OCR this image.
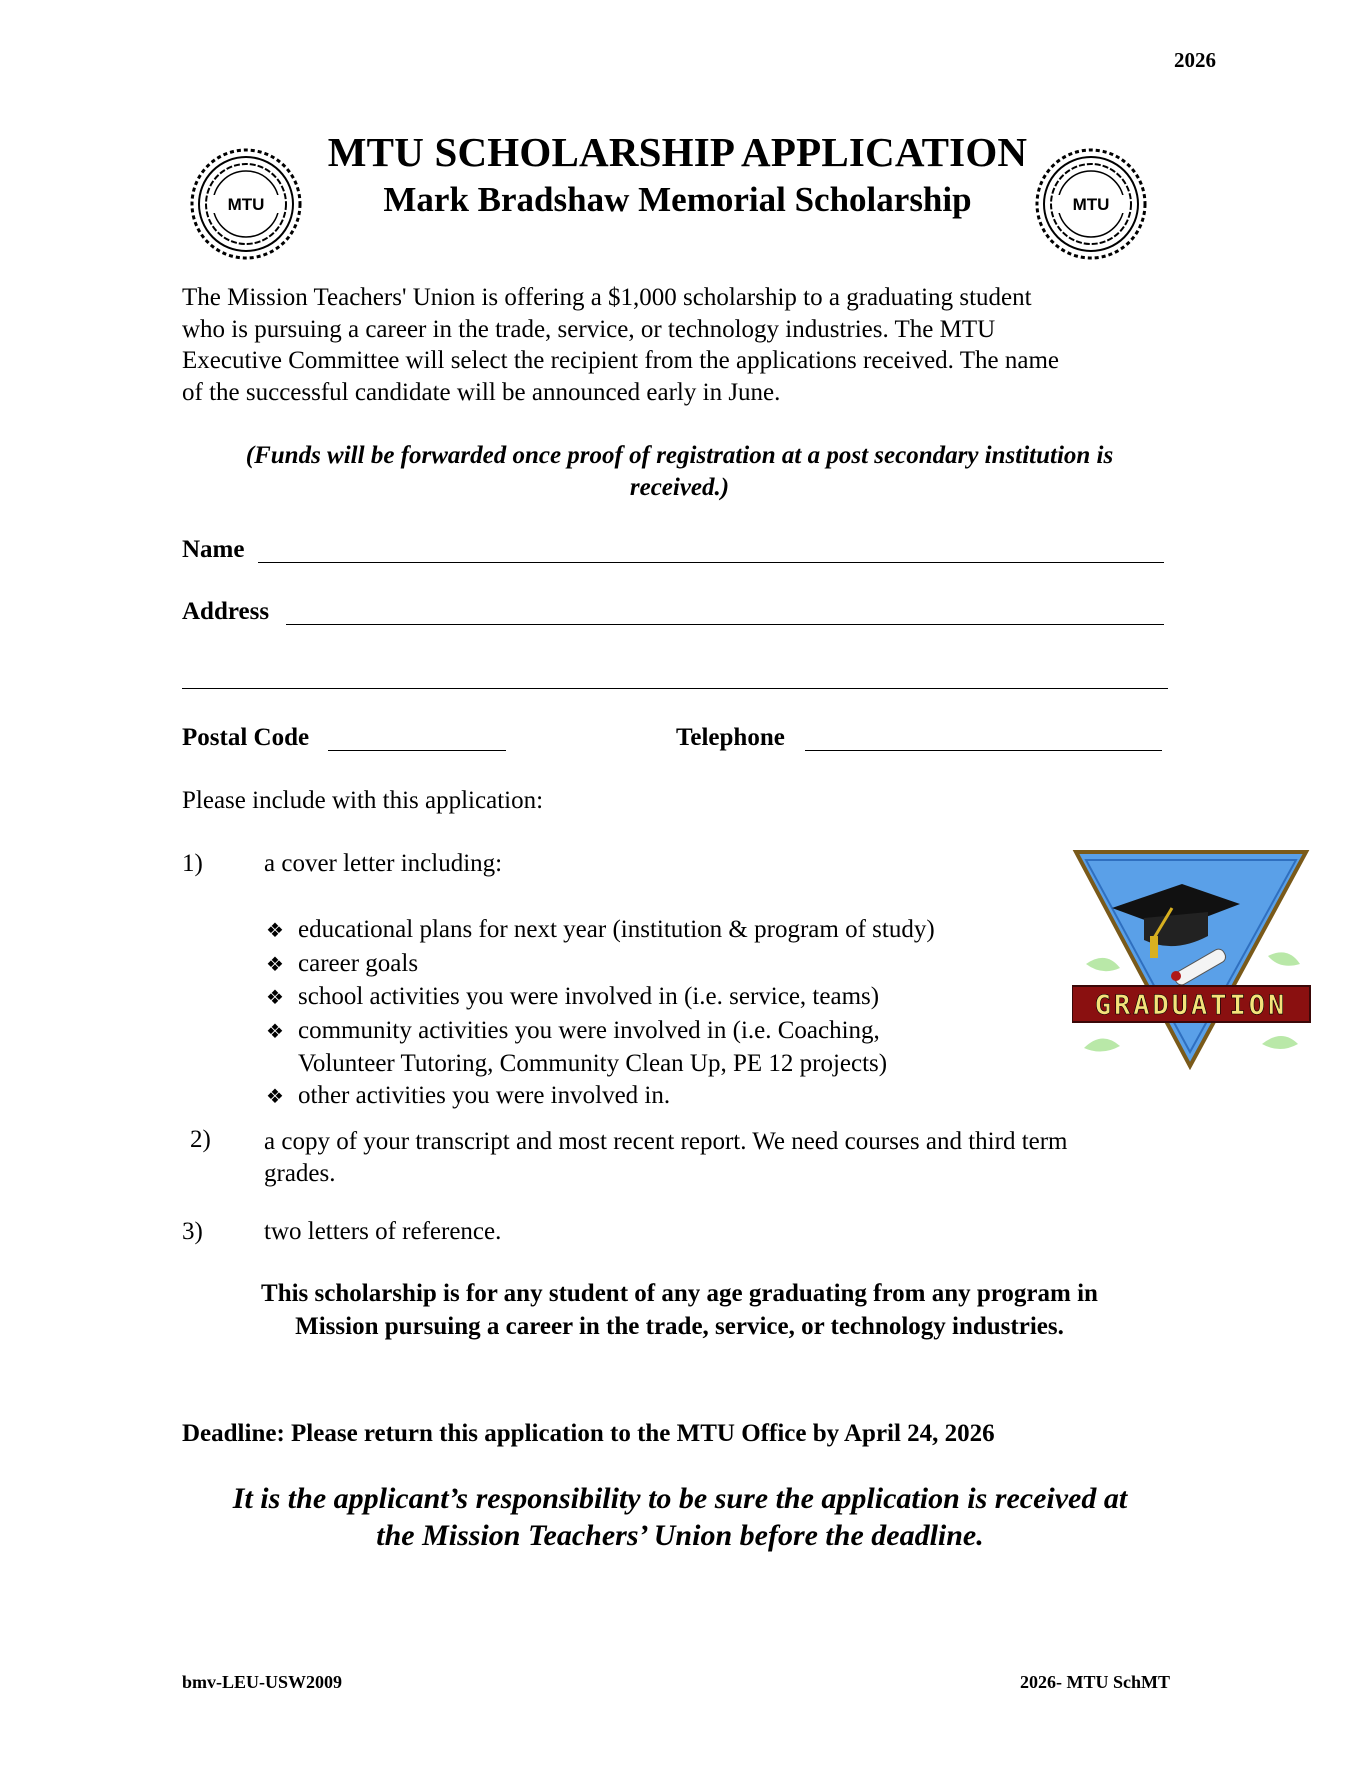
2026
MTU	MTU
MTU SCHOLARSHIP APPLICATION
Mark Bradshaw Memorial Scholarship
The Mission Teachers' Union is offering a $1,000 scholarship to a graduating student
who is pursuing a career in the trade, service, or technology industries. The MTU
Executive Committee will select the recipient from the applications received. The name
of the successful candidate will be announced early in June.
(Funds will be forwarded once proof of registration at a post secondary institution is
received.)
Name
Address
Postal Code	Telephone
Please include with this application:
1) a cover letter including:
❖ educational plans for next year (institution & program of study)
❖ career goals
❖ school activities you were involved in (i.e. service, teams)
❖ community activities you were involved in (i.e. Coaching,
Volunteer Tutoring, Community Clean Up, PE 12 projects)
❖ other activities you were involved in.
GRADUATION
2) a copy of your transcript and most recent report. We need courses and third term
grades.
3) two letters of reference.
This scholarship is for any student of any age graduating from any program in
Mission pursuing a career in the trade, service, or technology industries.
Deadline: Please return this application to the MTU Office by April 24, 2026
It is the applicant’s responsibility to be sure the application is received at
the Mission Teachers’ Union before the deadline.
bmv-LEU-USW2009	2026- MTU SchMT
